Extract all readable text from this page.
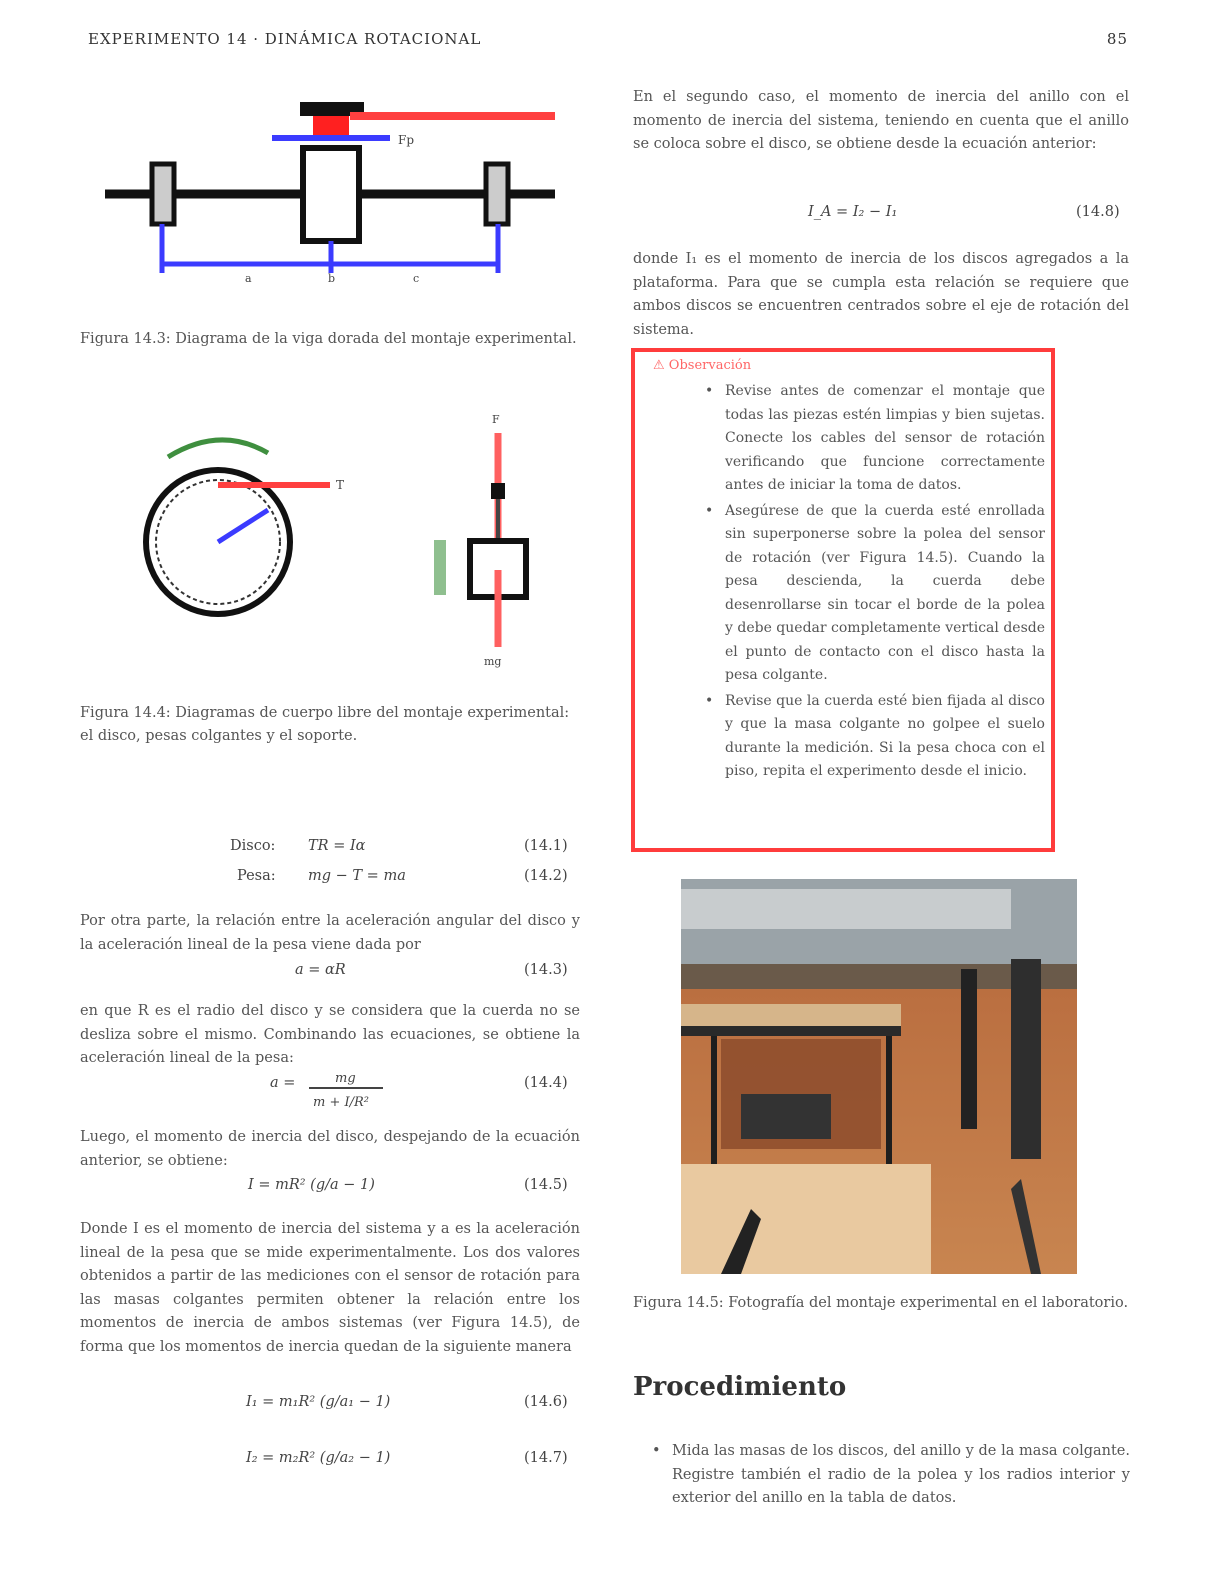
EXPERIMENTO 14 · DINÁMICA ROTACIONAL	85
Fp
a	b	c
Figura 14.3: Diagrama de la viga dorada del montaje experimental.
T
F
mg
Figura 14.4: Diagramas de cuerpo libre del montaje experimental: el disco, pesas colgantes y el soporte.
Disco: TR = Iα	(14.1)
Pesa: mg − T = ma	(14.2)

Por otra parte, la relación entre la aceleración angular del disco y la aceleración lineal de la pesa viene dada por

a = αR	(14.3)

en que R es el radio del disco y se considera que la cuerda no se desliza sobre el mismo. Combinando las ecuaciones, se obtiene la aceleración lineal de la pesa:

a =	mg
m + I/R²
(14.4)

Luego, el momento de inercia del disco, despejando de la ecuación anterior, se obtiene:

I = mR² (g/a − 1)	(14.5)

Donde I es el momento de inercia del sistema y a es la aceleración lineal de la pesa que se mide experimentalmente. Los dos valores obtenidos a partir de las mediciones con el sensor de rotación para las masas colgantes permiten obtener la relación entre los momentos de inercia de ambos sistemas (ver Figura 14.5), de forma que los momentos de inercia quedan de la siguiente manera

I₁ = m₁R² (g/a₁ − 1)	(14.6)
I₂ = m₂R² (g/a₂ − 1)	(14.7)

En el segundo caso, el momento de inercia del anillo con el momento de inercia del sistema, teniendo en cuenta que el anillo se coloca sobre el disco, se obtiene desde la ecuación anterior:

I_A = I₂ − I₁	(14.8)

donde I₁ es el momento de inercia de los discos agregados a la plataforma. Para que se cumpla esta relación se requiere que ambos discos se encuentren centrados sobre el eje de rotación del sistema.

⚠ Observación
• Revise antes de comenzar el montaje que todas las piezas estén limpias y bien sujetas. Conecte los cables del sensor de rotación verificando que funcione correctamente antes de iniciar la toma de datos.
• Asegúrese de que la cuerda esté enrollada sin superponerse sobre la polea del sensor de rotación (ver Figura 14.5). Cuando la pesa descienda, la cuerda debe desenrollarse sin tocar el borde de la polea y debe quedar completamente vertical desde el punto de contacto con el disco hasta la pesa colgante.
• Revise que la cuerda esté bien fijada al disco y que la masa colgante no golpee el suelo durante la medición. Si la pesa choca con el piso, repita el experimento desde el inicio.
Figura 14.5: Fotografía del montaje experimental en el laboratorio.
Procedimiento
• Mida las masas de los discos, del anillo y de la masa colgante. Registre también el radio de la polea y los radios interior y exterior del anillo en la tabla de datos.
